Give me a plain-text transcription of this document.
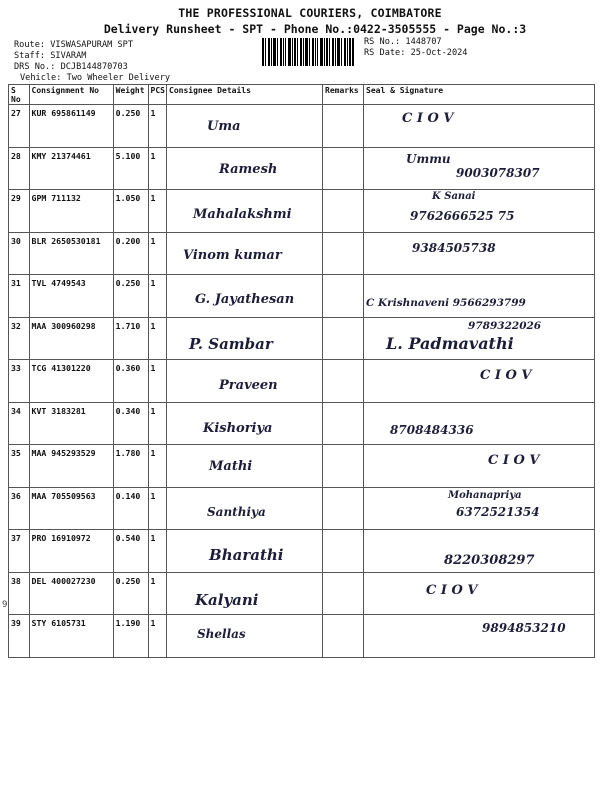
THE PROFESSIONAL COURIERS, COIMBATORE
Delivery Runsheet - SPT - Phone No.:0422-3505555 - Page No.:3
Route: VISWASAPURAM SPT
Staff: SIVARAM
DRS No.: DCJB144870703
Vehicle: Two Wheeler Delivery
RS No.: 1448707
RS Date: 25-Oct-2024
S No	Consignment No	Weight	PCS	Consignee Details	Remarks	Seal & Signature
27	KUR 695861149	0.250	1	Uma		C I O V

28	KMY 21374461	5.100	1	Ramesh		Ummu
9003078307

29	GPM 711132	1.050	1	Mahalakshmi		K Sanai
9762666525 75

30	BLR 2650530181	0.200	1	Vinom kumar		9384505738

31	TVL 4749543	0.250	1	G. Jayathesan		C Krishnaveni 9566293799

32	MAA 300960298	1.710	1	P. Sambar		9789322026
L. Padmavathi

33	TCG 41301220	0.360	1	Praveen		C I O V

34	KVT 3183281	0.340	1	Kishoriya		8708484336

35	MAA 945293529	1.780	1	Mathi		C I O V

36	MAA 705509563	0.140	1	Santhiya		Mohanapriya
6372521354

37	PRO 16910972	0.540	1	Bharathi		8220308297

38	DEL 400027230	0.250	1	Kalyani		C I O V

39	STY 6105731	1.190	1	Shellas		9894853210
9
